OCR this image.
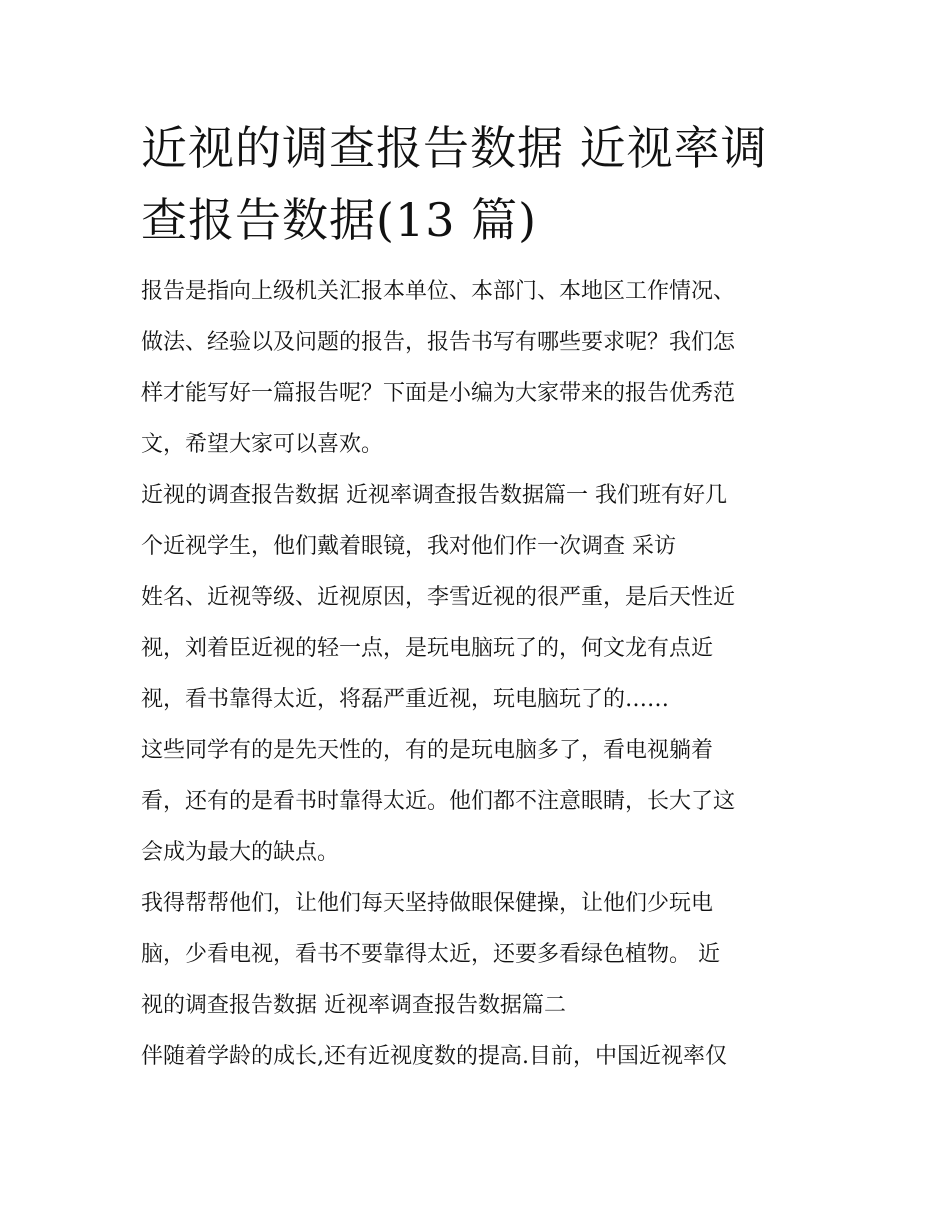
近视的调查报告数据 近视率调
查报告数据(13 篇)
报告是指向上级机关汇报本单位、本部门、本地区工作情况、
做法、经验以及问题的报告，报告书写有哪些要求呢？我们怎
样才能写好一篇报告呢？下面是小编为大家带来的报告优秀范
文，希望大家可以喜欢。
近视的调查报告数据 近视率调查报告数据篇一 我们班有好几
个近视学生，他们戴着眼镜，我对他们作一次调查 采访
姓名、近视等级、近视原因，李雪近视的很严重，是后天性近
视，刘着臣近视的轻一点，是玩电脑玩了的，何文龙有点近
视，看书靠得太近，将磊严重近视，玩电脑玩了的……
这些同学有的是先天性的，有的是玩电脑多了，看电视躺着
看，还有的是看书时靠得太近。他们都不注意眼睛，长大了这
会成为最大的缺点。
我得帮帮他们，让他们每天坚持做眼保健操，让他们少玩电
脑，少看电视，看书不要靠得太近，还要多看绿色植物。 近
视的调查报告数据 近视率调查报告数据篇二
伴随着学龄的成长,还有近视度数的提高.目前，中国近视率仅
